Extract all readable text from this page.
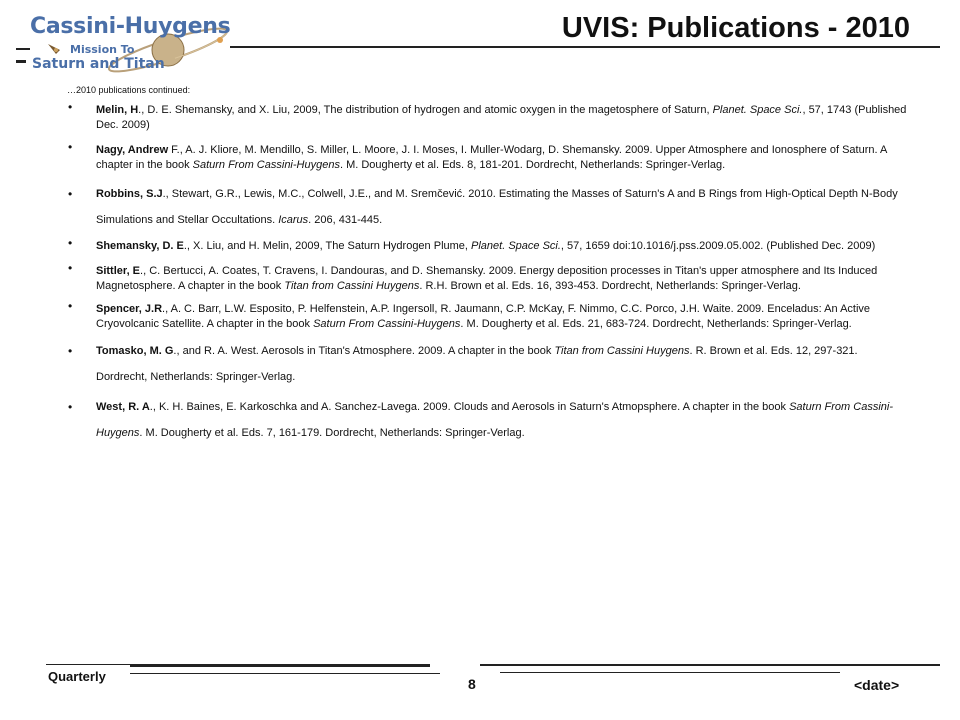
Cassini-Huygens
Mission To
Saturn and Titan
UVIS: Publications - 2010
…2010 publications continued:
• Melin, H., D. E. Shemansky, and X. Liu, 2009, The distribution of hydrogen and atomic oxygen in the magetosphere of Saturn, Planet. Space Sci., 57, 1743 (Published Dec. 2009)
• Nagy, Andrew F., A. J. Kliore, M. Mendillo, S. Miller, L. Moore, J. I. Moses, I. Muller-Wodarg, D. Shemansky. 2009. Upper Atmosphere and Ionosphere of Saturn. A chapter in the book Saturn From Cassini-Huygens. M. Dougherty et al. Eds. 8, 181-201. Dordrecht, Netherlands: Springer-Verlag.
• Robbins, S.J., Stewart, G.R., Lewis, M.C., Colwell, J.E., and M. Sremčević. 2010. Estimating the Masses of Saturn's A and B Rings from High-Optical Depth N-Body Simulations and Stellar Occultations. Icarus. 206, 431-445.
• Shemansky, D. E., X. Liu, and H. Melin, 2009, The Saturn Hydrogen Plume, Planet. Space Sci., 57, 1659 doi:10.1016/j.pss.2009.05.002. (Published Dec. 2009)
• Sittler, E., C. Bertucci, A. Coates, T. Cravens, I. Dandouras, and D. Shemansky. 2009. Energy deposition processes in Titan's upper atmosphere and Its Induced Magnetosphere. A chapter in the book Titan from Cassini Huygens. R.H. Brown et al. Eds. 16, 393-453. Dordrecht, Netherlands: Springer-Verlag.
• Spencer, J.R., A. C. Barr, L.W. Esposito, P. Helfenstein, A.P. Ingersoll, R. Jaumann, C.P. McKay, F. Nimmo, C.C. Porco, J.H. Waite. 2009. Enceladus: An Active Cryovolcanic Satellite. A chapter in the book Saturn From Cassini-Huygens. M. Dougherty et al. Eds. 21, 683-724. Dordrecht, Netherlands: Springer-Verlag.
• Tomasko, M. G., and R. A. West. Aerosols in Titan's Atmosphere. 2009. A chapter in the book Titan from Cassini Huygens. R. Brown et al. Eds. 12, 297-321. Dordrecht, Netherlands: Springer-Verlag.
• West, R. A., K. H. Baines, E. Karkoschka and A. Sanchez-Lavega. 2009. Clouds and Aerosols in Saturn's Atmopsphere. A chapter in the book Saturn From Cassini-Huygens. M. Dougherty et al. Eds. 7, 161-179. Dordrecht, Netherlands: Springer-Verlag.
Quarterly	8	<date>
